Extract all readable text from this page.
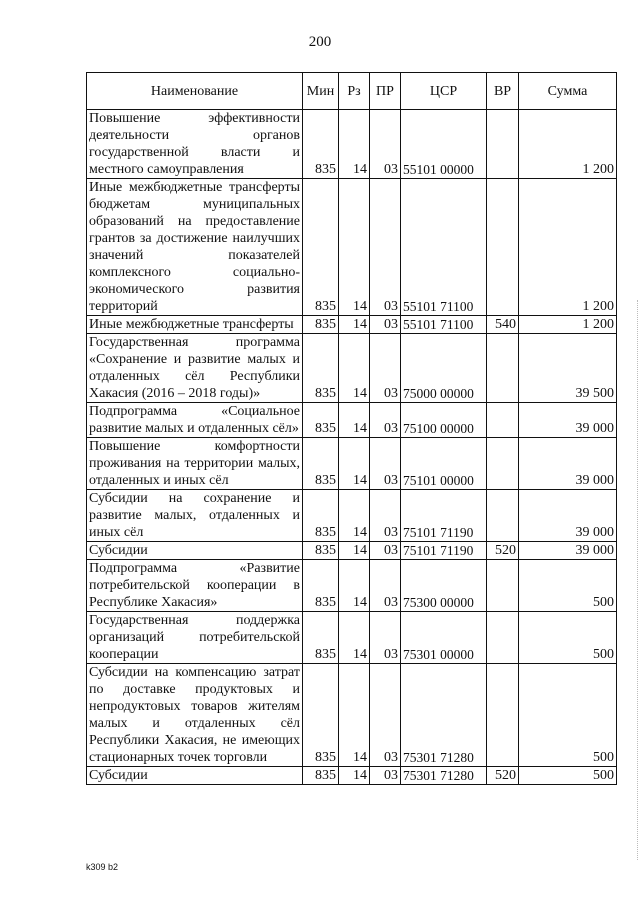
200
Наименование	Мин	Рз	ПР	ЦСР	ВР	Сумма
Повышение эффективности деятельности органов государственной власти и местного самоуправления	835	14	03	55101 00000		1 200
Иные межбюджетные трансферты бюджетам муниципальных образований на предоставление грантов за достижение наилучших значений показателей комплексного социально-экономического развития территорий	835	14	03	55101 71100		1 200
Иные межбюджетные трансферты	835	14	03	55101 71100	540	1 200
Государственная программа «Сохранение и развитие малых и отдаленных сёл Республики Хакасия (2016 – 2018 годы)»	835	14	03	75000 00000		39 500
Подпрограмма «Социальное развитие малых и отдаленных сёл»	835	14	03	75100 00000		39 000
Повышение комфортности проживания на территории малых, отдаленных и иных сёл	835	14	03	75101 00000		39 000
Субсидии на сохранение и развитие малых, отдаленных и иных сёл	835	14	03	75101 71190		39 000
Субсидии	835	14	03	75101 71190	520	39 000
Подпрограмма «Развитие потребительской кооперации в Республике Хакасия»	835	14	03	75300 00000		500
Государственная поддержка организаций потребительской кооперации	835	14	03	75301 00000		500
Субсидии на компенсацию затрат по доставке продуктовых и непродуктовых товаров жителям малых и отдаленных сёл Республики Хакасия, не имеющих стационарных точек торговли	835	14	03	75301 71280		500
Субсидии	835	14	03	75301 71280	520	500
k309 b2
